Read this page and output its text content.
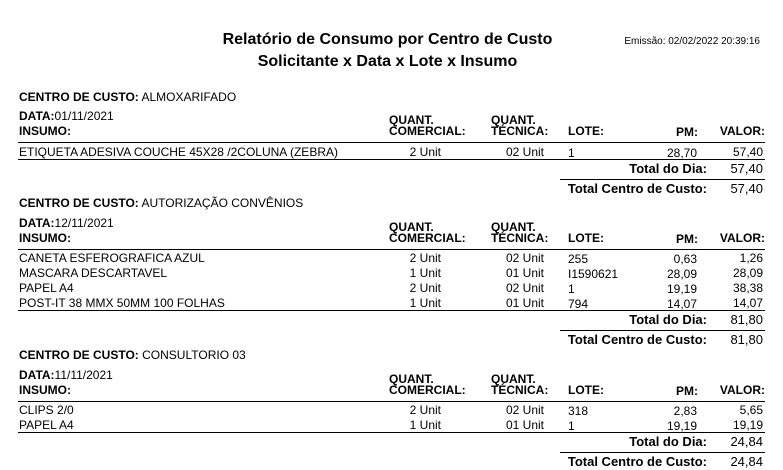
Relatório de Consumo por Centro de Custo
Solicitante x Data x Lote x Insumo
Emissão: 02/02/2022 20:39:16
CENTRO DE CUSTO: ALMOXARIFADO
DATA:01/11/2021
INSUMO:
QUANT.
COMERCIAL:
QUANT.
TÉCNICA: LOTE:	PM: VALOR:
ETIQUETA ADESIVA COUCHE 45X28 /2COLUNA (ZEBRA)	2 Unit	02 Unit 1	28,70	57,40
Total do Dia: 57,40
Total Centro de Custo: 57,40
CENTRO DE CUSTO: AUTORIZAÇÃO CONVÊNIOS
DATA:12/11/2021
INSUMO:
QUANT.
COMERCIAL:
QUANT.
TÉCNICA: LOTE:	PM: VALOR:
CANETA ESFEROGRAFICA AZUL	2 Unit	02 Unit 255	0,63	1,26
MASCARA DESCARTAVEL	1 Unit	01 Unit I1590621	28,09	28,09
PAPEL A4	2 Unit	02 Unit 1	19,19	38,38
POST-IT 38 MMX 50MM 100 FOLHAS	1 Unit	01 Unit 794	14,07	14,07
Total do Dia: 81,80
Total Centro de Custo: 81,80
CENTRO DE CUSTO: CONSULTORIO 03
DATA:11/11/2021
INSUMO:
QUANT.
COMERCIAL:
QUANT.
TÉCNICA: LOTE:	PM: VALOR:
CLIPS 2/0	2 Unit	02 Unit 318	2,83	5,65
PAPEL A4	1 Unit	01 Unit 1	19,19	19,19
Total do Dia: 24,84
Total Centro de Custo: 24,84
